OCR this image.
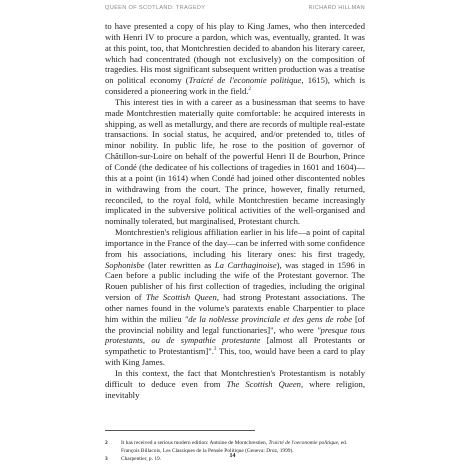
QUEEN OF SCOTLAND: TRAGEDY	RICHARD HILLMAN

to have presented a copy of his play to King James, who then interceded with Henri IV to procure a pardon, which was, eventually, granted. It was at this point, too, that Montchrestien decided to abandon his literary career, which had concentrated (though not exclusively) on the composition of tragedies. His most significant subsequent written production was a treatise on political economy (Traicté de l'economie politique, 1615), which is considered a pioneering work in the field.$^2$

This interest ties in with a career as a businessman that seems to have made Montchrestien materially quite comfortable: he acquired interests in shipping, as well as metallurgy, and there are records of multiple real-estate transactions. In social status, he acquired, and/or pretended to, titles of minor nobility. In public life, he rose to the position of governor of Châtillon-sur-Loire on behalf of the powerful Henri II de Bourbon, Prince of Condé (the dedicatee of his collections of tragedies in 1601 and 1604)—this at a point (in 1614) when Condé had joined other discontented nobles in withdrawing from the court. The prince, however, finally returned, reconciled, to the royal fold, while Montchrestien became increasingly implicated in the subversive political activities of the well-organised and nominally tolerated, but marginalised, Protestant church.

Montchrestien's religious affiliation earlier in his life—a point of capital importance in the France of the day—can be inferred with some confidence from his associations, including his literary ones: his first tragedy, Sophonisbe (later rewritten as La Carthaginoise), was staged in 1596 in Caen before a public including the wife of the Protestant governor. The Rouen publisher of his first collection of tragedies, including the original version of The Scottish Queen, had strong Protestant associations. The other names found in the volume's paratexts enable Charpentier to place him within the milieu "de la noblesse provinciale et des gens de robe [of the provincial nobility and legal functionaries]", who were "presque tous protestants, ou de sympathie protestante [almost all Protestants or sympathetic to Protestantism]".$^3$ This, too, would have been a card to play with King James.

In this context, the fact that Montchrestien's Protestantism is notably difficult to deduce even from The Scottish Queen, where religion, inevitably

2	It has received a serious modern edition: Antoine de Montchrestien, Traicté de l'oeconomie politique, ed. François Billacois, Les Classiques de la Pensée Politique (Geneva: Droz, 1999).
3	Charpentier, p. 19.	14
